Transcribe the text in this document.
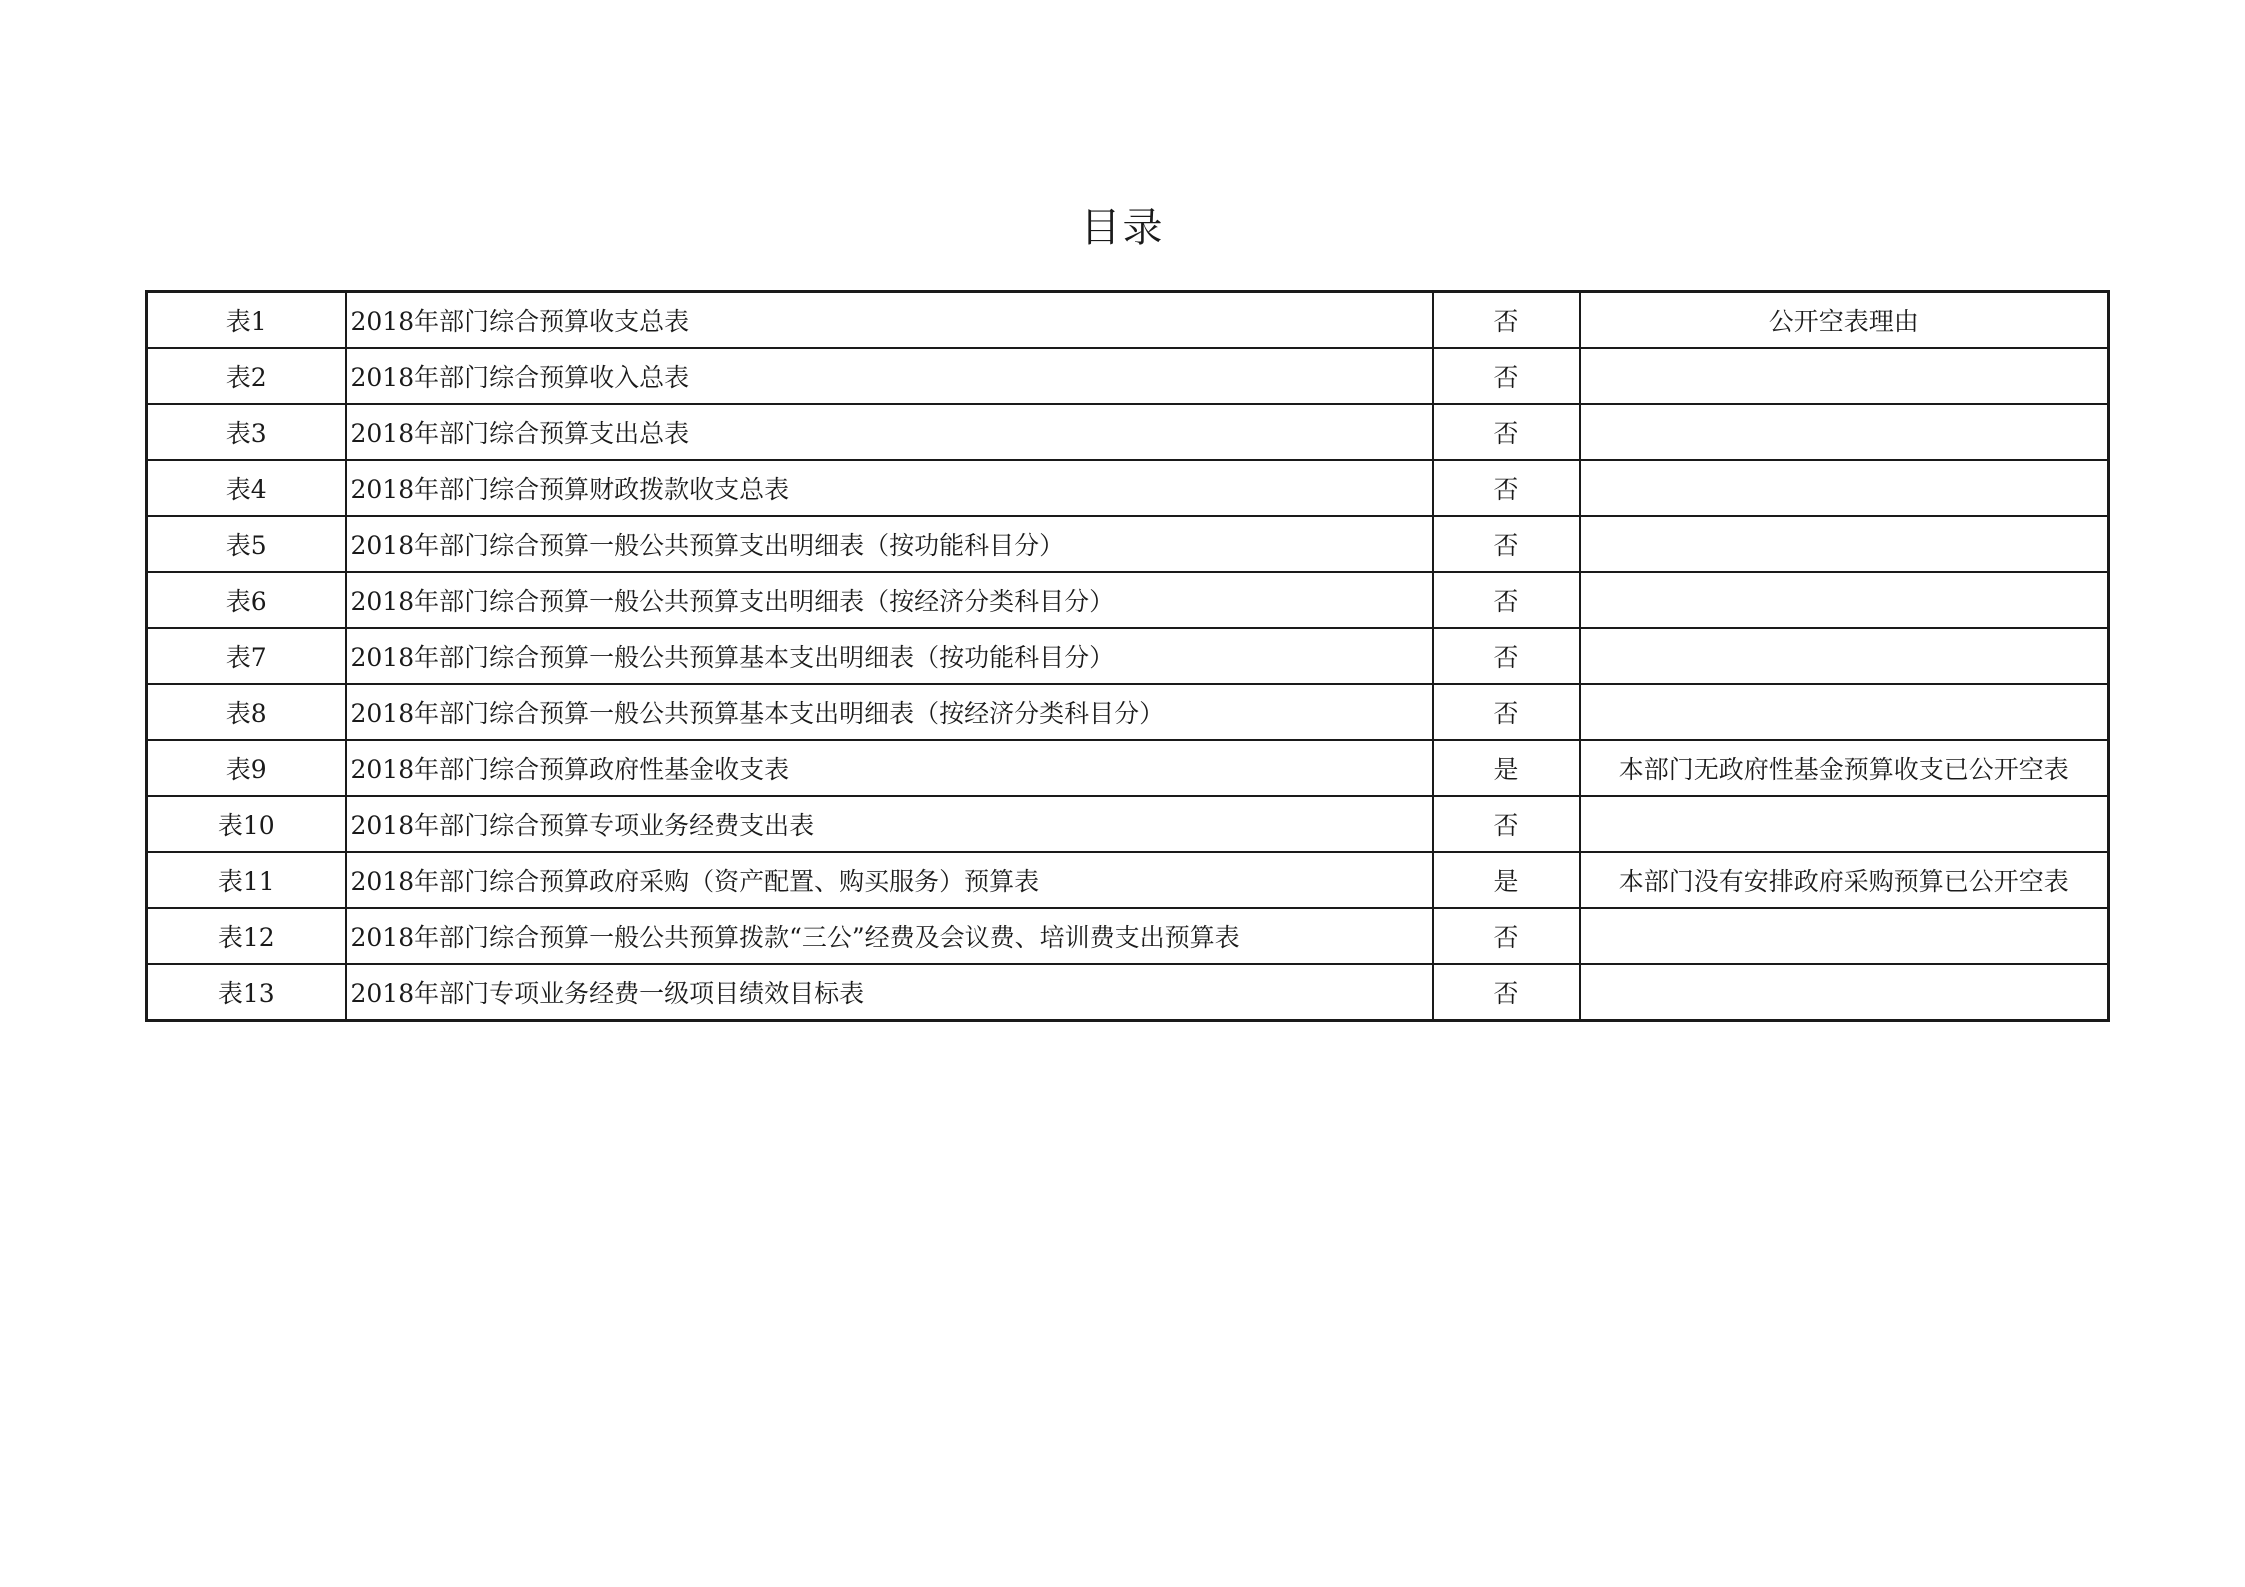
目录
表1	2018年部门综合预算收支总表	否	公开空表理由
表2	2018年部门综合预算收入总表	否	
表3	2018年部门综合预算支出总表	否	
表4	2018年部门综合预算财政拨款收支总表	否	
表5	2018年部门综合预算一般公共预算支出明细表（按功能科目分）	否	
表6	2018年部门综合预算一般公共预算支出明细表（按经济分类科目分）	否	
表7	2018年部门综合预算一般公共预算基本支出明细表（按功能科目分）	否	
表8	2018年部门综合预算一般公共预算基本支出明细表（按经济分类科目分）	否	
表9	2018年部门综合预算政府性基金收支表	是	本部门无政府性基金预算收支已公开空表
表10	2018年部门综合预算专项业务经费支出表	否	
表11	2018年部门综合预算政府采购（资产配置、购买服务）预算表	是	本部门没有安排政府采购预算已公开空表
表12	2018年部门综合预算一般公共预算拨款“三公”经费及会议费、培训费支出预算表	否	
表13	2018年部门专项业务经费一级项目绩效目标表	否	
